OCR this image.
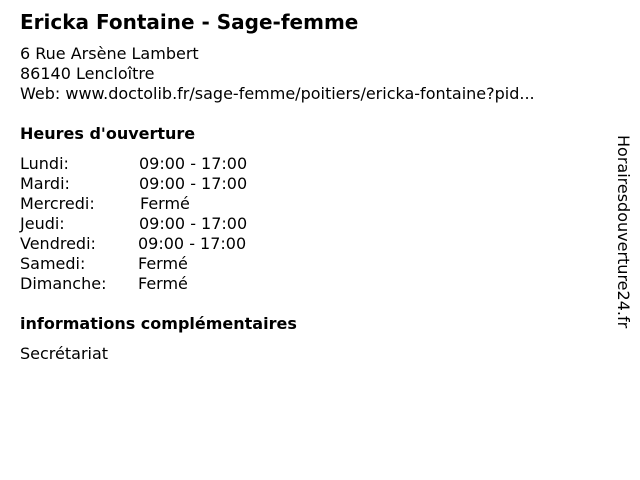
Ericka Fontaine - Sage-femme
6 Rue Arsène Lambert
86140 Lencloître
Web: www.doctolib.fr/sage-femme/poitiers/ericka-fontaine?pid...
Heures d'ouverture
Lundi:	09:00 - 17:00
Mardi:	09:00 - 17:00
Mercredi:	Fermé
Jeudi:	09:00 - 17:00
Vendredi:	09:00 - 17:00
Samedi:	Fermé
Dimanche: Fermé
informations complémentaires
Secrétariat
Horairesdouverture24.fr
